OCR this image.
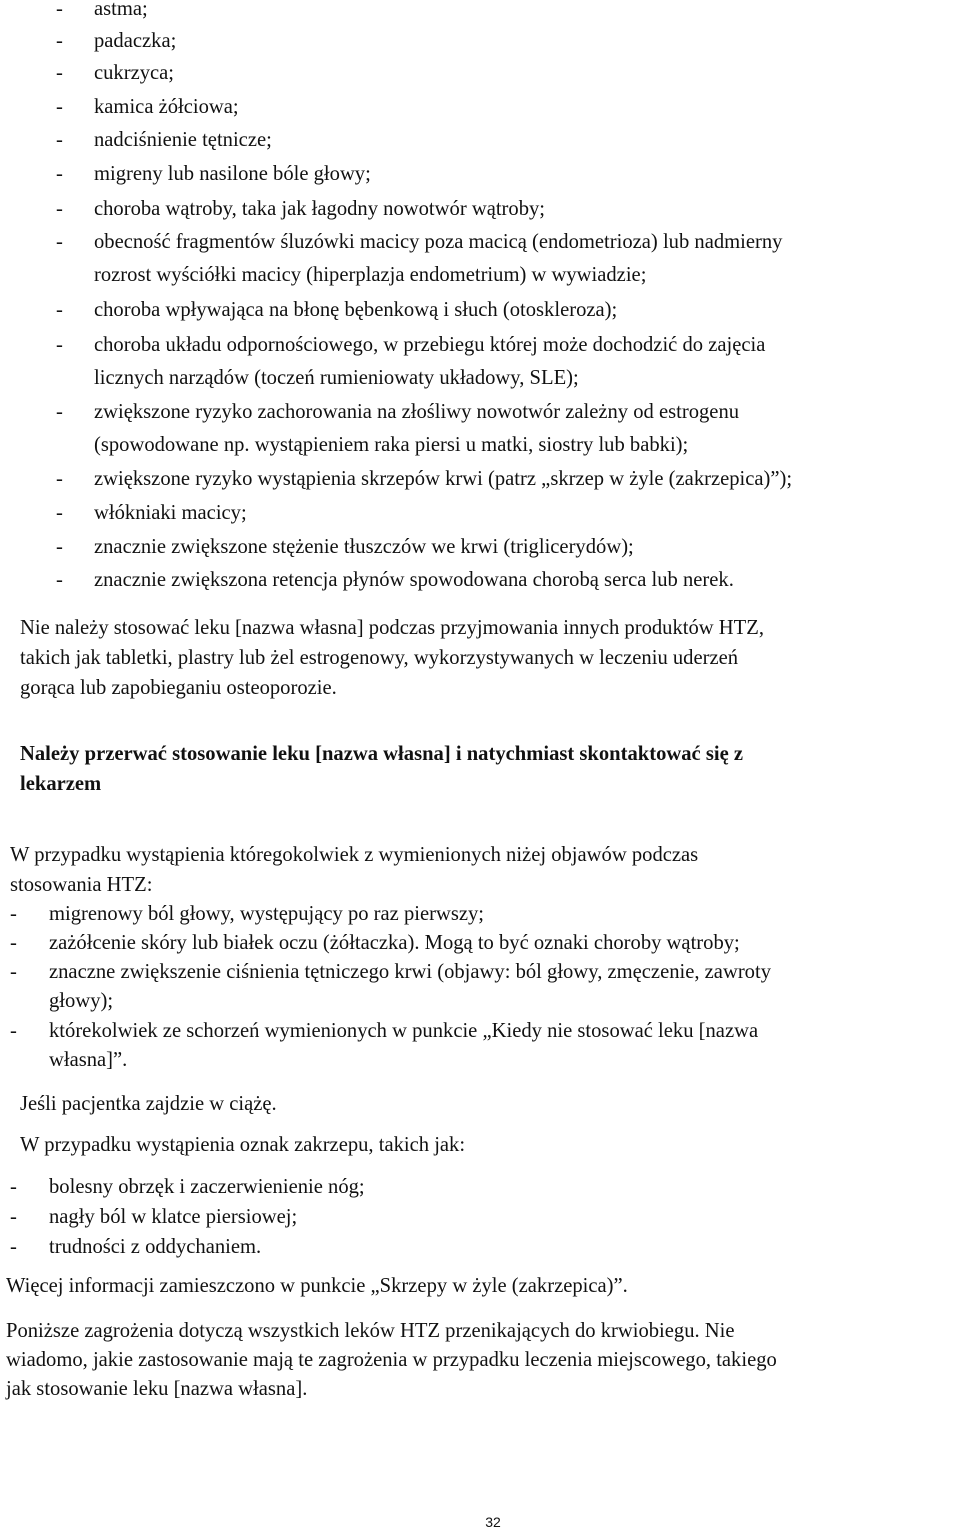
- astma;
- padaczka;
- cukrzyca;
- kamica żółciowa;
- nadciśnienie tętnicze;
- migreny lub nasilone bóle głowy;
- choroba wątroby, taka jak łagodny nowotwór wątroby;
- obecność fragmentów śluzówki macicy poza macicą (endometrioza) lub nadmierny
rozrost wyściółki macicy (hiperplazja endometrium) w wywiadzie;
- choroba wpływająca na błonę bębenkową i słuch (otoskleroza);
- choroba układu odpornościowego, w przebiegu której może dochodzić do zajęcia
licznych narządów (toczeń rumieniowaty układowy, SLE);
- zwiększone ryzyko zachorowania na złośliwy nowotwór zależny od estrogenu
(spowodowane np. wystąpieniem raka piersi u matki, siostry lub babki);
- zwiększone ryzyko wystąpienia skrzepów krwi (patrz „skrzep w żyle (zakrzepica)”);
- włókniaki macicy;
- znacznie zwiększone stężenie tłuszczów we krwi (triglicerydów);
- znacznie zwiększona retencja płynów spowodowana chorobą serca lub nerek.
Nie należy stosować leku [nazwa własna] podczas przyjmowania innych produktów HTZ,
takich jak tabletki, plastry lub żel estrogenowy, wykorzystywanych w leczeniu uderzeń
gorąca lub zapobieganiu osteoporozie.
Należy przerwać stosowanie leku [nazwa własna] i natychmiast skontaktować się z
lekarzem
W przypadku wystąpienia któregokolwiek z wymienionych niżej objawów podczas
stosowania HTZ:
- migrenowy ból głowy, występujący po raz pierwszy;
- zażółcenie skóry lub białek oczu (żółtaczka). Mogą to być oznaki choroby wątroby;
- znaczne zwiększenie ciśnienia tętniczego krwi (objawy: ból głowy, zmęczenie, zawroty
głowy);
- którekolwiek ze schorzeń wymienionych w punkcie „Kiedy nie stosować leku [nazwa
własna]”.
Jeśli pacjentka zajdzie w ciążę.
W przypadku wystąpienia oznak zakrzepu, takich jak:
- bolesny obrzęk i zaczerwienienie nóg;
- nagły ból w klatce piersiowej;
- trudności z oddychaniem.
Więcej informacji zamieszczono w punkcie „Skrzepy w żyle (zakrzepica)”.
Poniższe zagrożenia dotyczą wszystkich leków HTZ przenikających do krwiobiegu. Nie
wiadomo, jakie zastosowanie mają te zagrożenia w przypadku leczenia miejscowego, takiego
jak stosowanie leku [nazwa własna].
32
